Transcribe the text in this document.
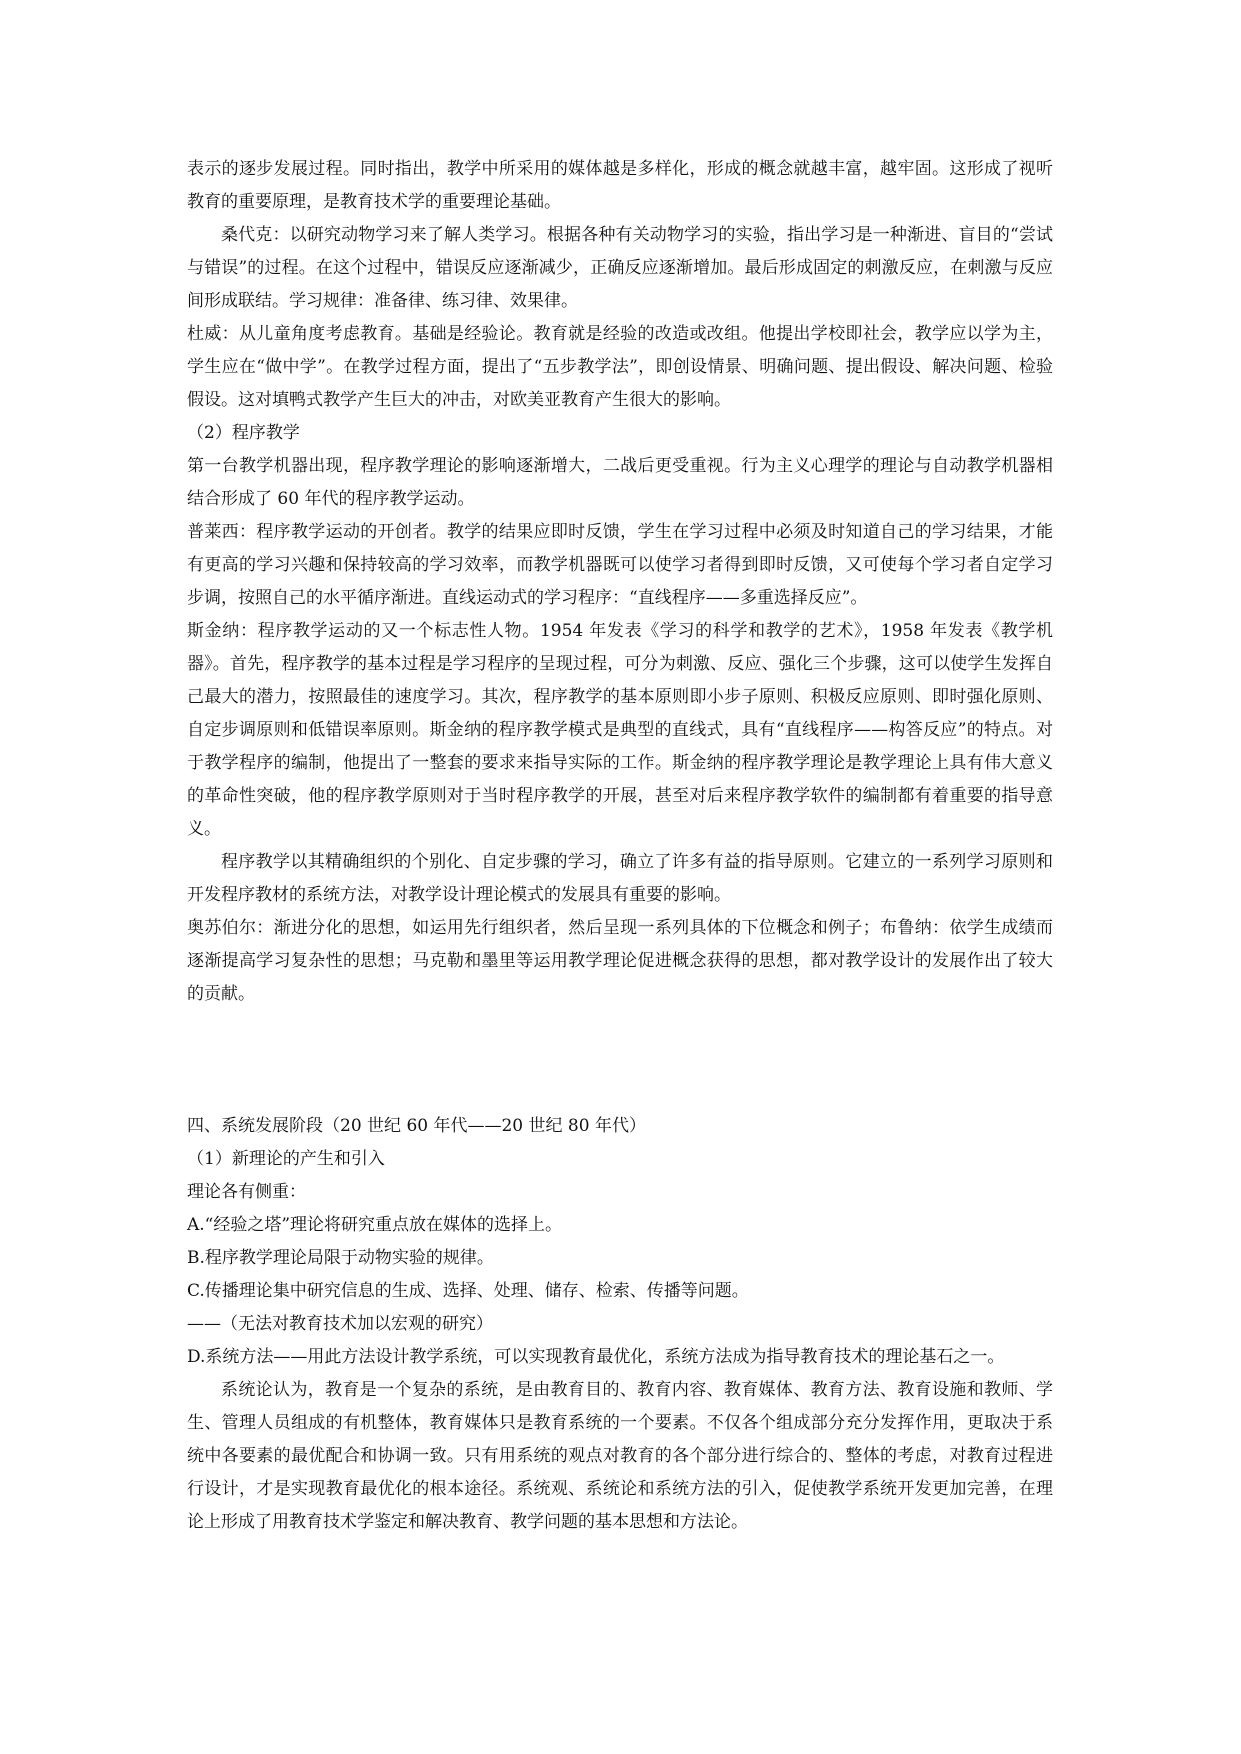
表示的逐步发展过程。同时指出，教学中所采用的媒体越是多样化，形成的概念就越丰富，越牢固。这形成了视听教育的重要原理，是教育技术学的重要理论基础。

桑代克：以研究动物学习来了解人类学习。根据各种有关动物学习的实验，指出学习是一种渐进、盲目的“尝试与错误”的过程。在这个过程中，错误反应逐渐减少，正确反应逐渐增加。最后形成固定的刺激反应，在刺激与反应间形成联结。学习规律：准备律、练习律、效果律。

杜威：从儿童角度考虑教育。基础是经验论。教育就是经验的改造或改组。他提出学校即社会，教学应以学为主，学生应在“做中学”。在教学过程方面，提出了“五步教学法”，即创设情景、明确问题、提出假设、解决问题、检验假设。这对填鸭式教学产生巨大的冲击，对欧美亚教育产生很大的影响。

（2）程序教学

第一台教学机器出现，程序教学理论的影响逐渐增大，二战后更受重视。行为主义心理学的理论与自动教学机器相结合形成了 60 年代的程序教学运动。

普莱西：程序教学运动的开创者。教学的结果应即时反馈，学生在学习过程中必须及时知道自己的学习结果，才能有更高的学习兴趣和保持较高的学习效率，而教学机器既可以使学习者得到即时反馈，又可使每个学习者自定学习步调，按照自己的水平循序渐进。直线运动式的学习程序：“直线程序——多重选择反应”。

斯金纳：程序教学运动的又一个标志性人物。1954 年发表《学习的科学和教学的艺术》，1958 年发表《教学机器》。首先，程序教学的基本过程是学习程序的呈现过程，可分为刺激、反应、强化三个步骤，这可以使学生发挥自己最大的潜力，按照最佳的速度学习。其次，程序教学的基本原则即小步子原则、积极反应原则、即时强化原则、自定步调原则和低错误率原则。斯金纳的程序教学模式是典型的直线式，具有“直线程序——构答反应”的特点。对于教学程序的编制，他提出了一整套的要求来指导实际的工作。斯金纳的程序教学理论是教学理论上具有伟大意义的革命性突破，他的程序教学原则对于当时程序教学的开展，甚至对后来程序教学软件的编制都有着重要的指导意义。

程序教学以其精确组织的个别化、自定步骤的学习，确立了许多有益的指导原则。它建立的一系列学习原则和开发程序教材的系统方法，对教学设计理论模式的发展具有重要的影响。

奥苏伯尔：渐进分化的思想，如运用先行组织者，然后呈现一系列具体的下位概念和例子；布鲁纳：依学生成绩而逐渐提高学习复杂性的思想；马克勒和墨里等运用教学理论促进概念获得的思想，都对教学设计的发展作出了较大的贡献。

四、系统发展阶段（20 世纪 60 年代——20 世纪 80 年代）

（1）新理论的产生和引入

理论各有侧重：

A.“经验之塔”理论将研究重点放在媒体的选择上。

B.程序教学理论局限于动物实验的规律。

C.传播理论集中研究信息的生成、选择、处理、储存、检索、传播等问题。

——（无法对教育技术加以宏观的研究）

D.系统方法——用此方法设计教学系统，可以实现教育最优化，系统方法成为指导教育技术的理论基石之一。

系统论认为，教育是一个复杂的系统，是由教育目的、教育内容、教育媒体、教育方法、教育设施和教师、学生、管理人员组成的有机整体，教育媒体只是教育系统的一个要素。不仅各个组成部分充分发挥作用，更取决于系统中各要素的最优配合和协调一致。只有用系统的观点对教育的各个部分进行综合的、整体的考虑，对教育过程进行设计，才是实现教育最优化的根本途径。系统观、系统论和系统方法的引入，促使教学系统开发更加完善，在理论上形成了用教育技术学鉴定和解决教育、教学问题的基本思想和方法论。
